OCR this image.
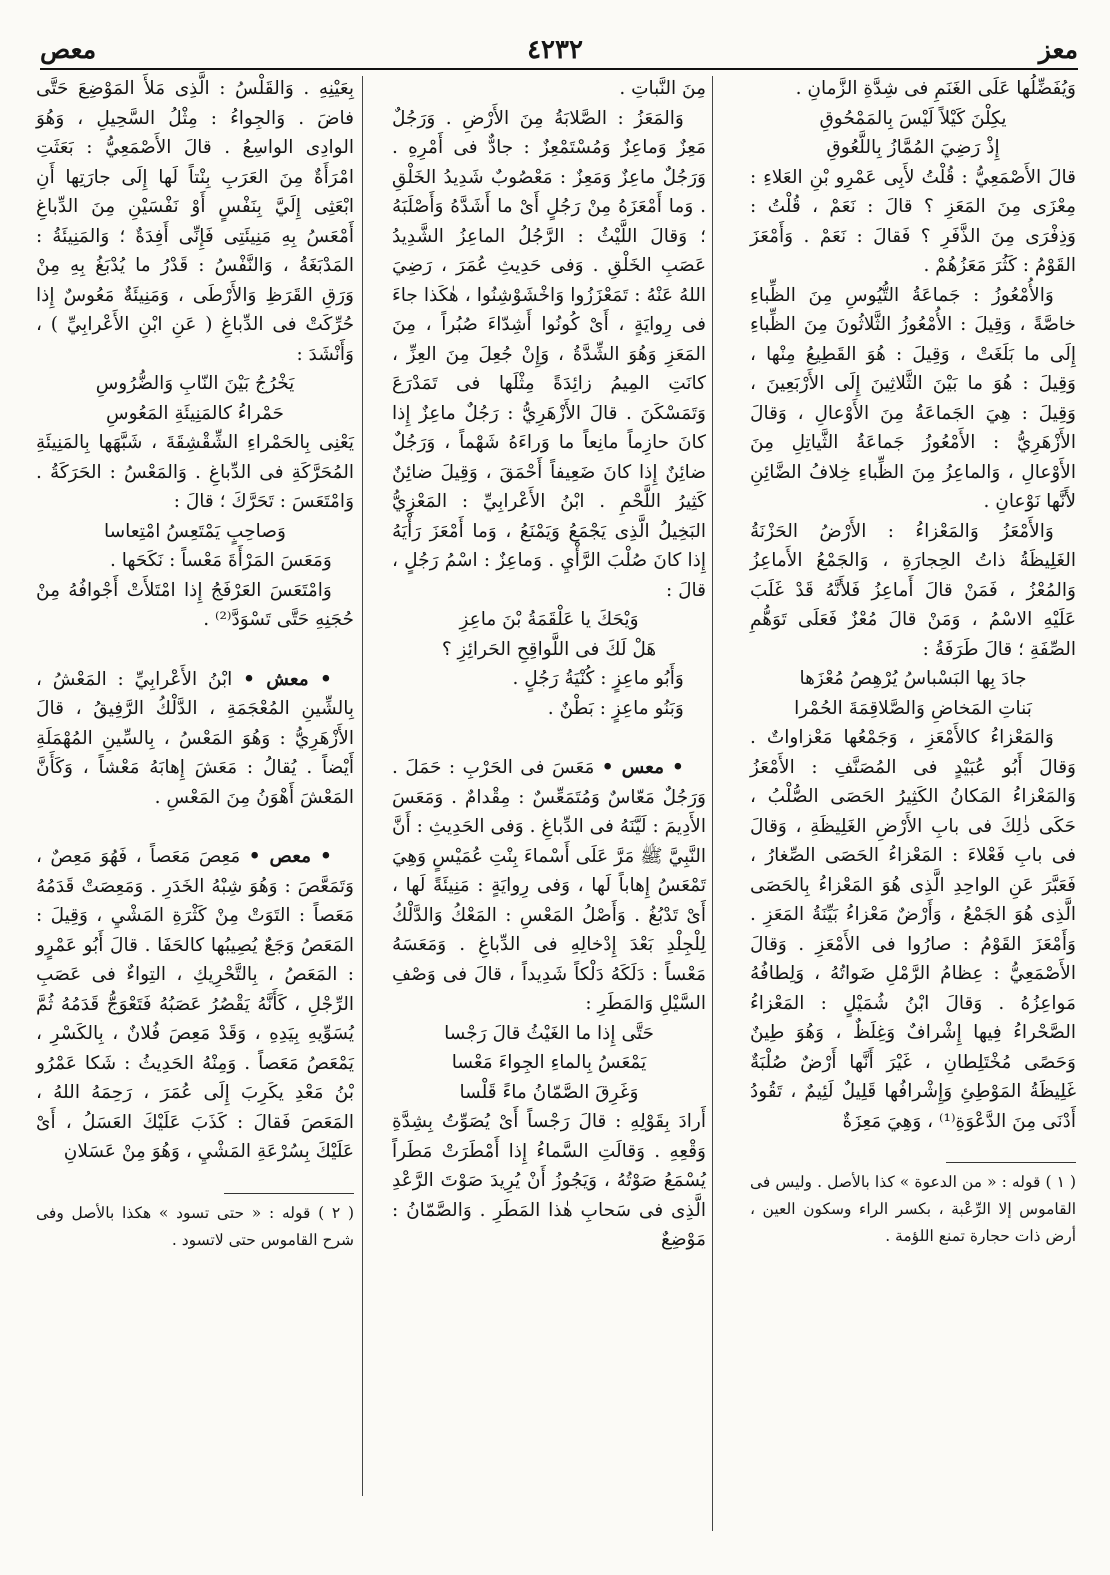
معز
٤٢٣٢
معص

وَيُفَضِّلُها عَلَى الغَنَمِ فى شِدَّةِ الزَّمانِ .

يكِلْنَ كَيْلاً لَيْسَ بِالمَمْحُوقِ

إِذْ رَضِيَ المُمَّازُ بِاللَّعُوقِ

قالَ الأَصْمَعِيُّ : قُلْتُ لأَبِى عَمْرِو بْنِ العَلاءِ : مِعْزَى مِنَ المَعَزِ ؟ قالَ : نَعَمْ ، قُلْتُ : وَذِفْرَى مِنَ الذَّفَرِ ؟ فَقالَ : نَعَمْ . وَأَمْعَزَ القَوْمُ : كَثُرَ مَعَزُهُمْ .

وَالأُمْعُوزُ : جَماعَةُ التُّيُوسِ مِنَ الظِّباءِ خاصَّةً ، وَقِيلَ : الأُمْعُوزُ الثَّلاثُونَ مِنَ الظِّباءِ إِلَى ما بَلَغَتْ ، وَقِيلَ : هُوَ القَطِيعُ مِنْها ، وَقِيلَ : هُوَ ما بَيْنَ الثَّلاثِينَ إِلَى الأَرْبَعِينَ ، وَقِيلَ : هِيَ الجَماعَةُ مِنَ الأَوْعالِ ، وَقالَ الأَزْهَرِيُّ : الأَمْعُوزُ جَماعَةُ الثَّياتِلِ مِنَ الأَوْعالِ ، وَالماعِزُ مِنَ الظِّباءِ خِلافُ الضَّائِنِ لأَنَّها نَوْعانِ .

وَالأَمْعَزُ وَالمَعْزاءُ : الأَرْضُ الحَزْنَةُ الغَلِيظَةُ ذاتُ الحِجارَةِ ، وَالجَمْعُ الأَماعِزُ وَالمُعْزُ ، فَمَنْ قالَ أَماعِزُ فَلأَنَّهُ قَدْ غَلَبَ عَلَيْهِ الاسْمُ ، وَمَنْ قالَ مُعْزٌ فَعَلَى تَوَهُّمِ الصِّفَةِ ؛ قالَ طَرَفَةُ :

جادَ بِها البَسْباسُ يُرْهِصُ مُعْزَها

بَناتِ المَخاضِ وَالصَّلاقِمَةَ الحُمْرا

وَالمَعْزاءُ كالأَمْعَزِ ، وَجَمْعُها مَعْزاواتٌ . وَقالَ أَبُو عُبَيْدٍ فى المُصَنَّفِ : الأَمْعَزُ وَالمَعْزاءُ المَكانُ الكَثِيرُ الحَصَى الصُّلْبُ ، حَكَى ذٰلِكَ فى بابِ الأَرْضِ الغَلِيظَةِ ، وَقالَ فى بابِ فَعْلاءَ : المَعْزاءُ الحَصَى الصِّغارُ ، فَعَبَّرَ عَنِ الواحِدِ الَّذِى هُوَ المَعْزاءُ بِالحَصَى الَّذِى هُوَ الجَمْعُ ، وَأَرْضٌ مَعْزاءُ بَيِّنَةُ المَعَزِ . وَأَمْعَزَ القَوْمُ : صارُوا فى الأَمْعَزِ . وَقالَ الأَصْمَعِيُّ : عِظامُ الرَّمْلِ ضَواتُهُ ، وَلِطافُهُ مَواعِزُهُ . وَقالَ ابْنُ شُمَيْلٍ : المَعْزاءُ الصَّحْراءُ فِيها إِشْرافٌ وَغِلَظٌ ، وَهُوَ طِينٌ وَحَصًى مُخْتَلِطانِ ، غَيْرَ أَنَّها أَرْضٌ صُلْبَةٌ غَلِيظَةُ المَوْطِئِ وَإِشْرافُها قَلِيلٌ لَئِيمٌ ، تَقُودُ أَدْنَى مِنَ الدَّعْوَةِ⁽¹⁾ ، وَهِيَ مَعِزَةٌ

( ١ ) قوله : « من الدعوة » كذا بالأصل . وليس فى القاموس إلا الرِّعْبة ، بكسر الراء وسكون العين ، أرض ذات حجارة تمنع اللؤمة .

مِنَ النَّباتِ .

وَالمَعَزُ : الصَّلابَةُ مِنَ الأَرْضِ . وَرَجُلٌ مَعِزٌ وَماعِزٌ وَمُسْتَمْعِزٌ : جادٌّ فى أَمْرِهِ . وَرَجُلٌ ماعِزٌ وَمَعِزٌ : مَعْصُوبٌ شَدِيدُ الخَلْقِ . وَما أَمْعَزَهُ مِنْ رَجُلٍ أَىْ ما أَشَدَّهُ وَأَصْلَبَهُ ؛ وَقالَ اللَّيْثُ : الرَّجُلُ الماعِزُ الشَّدِيدُ عَصَبِ الخَلْقِ . وَفى حَدِيثِ عُمَرَ ، رَضِيَ اللهُ عَنْهُ : تَمَعْزَزُوا وَاخْشَوْشِنُوا ، هٰكَذا جاءَ فى رِوايَةٍ ، أَىْ كُونُوا أَشِدّاءَ صُبُراً ، مِنَ المَعَزِ وَهُوَ الشِّدَّةُ ، وَإِنْ جُعِلَ مِنَ العِزِّ ، كانَتِ المِيمُ زائِدَةً مِثْلَها فى تَمَدْرَعَ وَتَمَسْكَنَ . قالَ الأَزْهَرِيُّ : رَجُلٌ ماعِزٌ إِذا كانَ حازِماً مانِعاً ما وَراءَهُ شَهْماً ، وَرَجُلٌ ضائِنٌ إِذا كانَ ضَعِيفاً أَحْمَقَ ، وَقِيلَ ضائِنٌ كَثِيرُ اللَّحْمِ . ابْنُ الأَعْرابِيِّ : المَعْزِيُّ البَخِيلُ الَّذِى يَجْمَعُ وَيَمْنَعُ ، وَما أَمْعَزَ رَأْيَهُ إِذا كانَ صُلْبَ الرَّأْيِ . وَماعِزٌ : اسْمُ رَجُلٍ ، قالَ :

وَيْحَكَ يا عَلْقَمَةُ بْنَ ماعِزِ

هَلْ لَكَ فى اللَّواقِحِ الحَرائِزِ ؟

وَأَبُو ماعِزٍ : كُنْيَةُ رَجُلٍ .

وَبَنُو ماعِزٍ : بَطْنٌ .

• معس • مَعَسَ فى الحَرْبِ : حَمَلَ . وَرَجُلٌ مَعّاسٌ وَمُتَمَعِّسٌ : مِقْدامٌ . وَمَعَسَ الأَدِيمَ : لَيَّنَهُ فى الدِّباغِ . وَفى الحَدِيثِ : أَنَّ النَّبِيَّ ﷺ مَرَّ عَلَى أَسْماءَ بِنْتِ عُمَيْسٍ وَهِيَ تَمْعَسُ إِهاباً لَها ، وَفى رِوايَةٍ : مَنِيئَةً لَها ، أَىْ تَدْبُغُ . وَأَصْلُ المَعْسِ : المَعْكُ وَالدَّلْكُ لِلْجِلْدِ بَعْدَ إِدْخالِهِ فى الدِّباغِ . وَمَعَسَهُ مَعْساً : دَلَكَهُ دَلْكاً شَدِيداً ، قالَ فى وَصْفِ السَّيْلِ وَالمَطَرِ :

حَتَّى إِذا ما الغَيْثُ قالَ رَجْسا

يَمْعَسُ بِالماءِ الجِواءَ مَعْسا

وَغَرِقَ الصَّمّانُ ماءً قَلْسا

أَرادَ بِقَوْلِهِ : قالَ رَجْساً أَىْ يُصَوِّتُ بِشِدَّةِ وَقْعِهِ . وَقالَتِ السَّماءُ إِذا أَمْطَرَتْ مَطَراً يُسْمَعُ صَوْتُهُ ، وَيَجُوزُ أَنْ يُرِيدَ صَوْتَ الرَّعْدِ الَّذِى فى سَحابِ هٰذا المَطَرِ . وَالصَّمّانُ : مَوْضِعٌ

بِعَيْنِهِ . وَالقَلْسُ : الَّذِى مَلأَ المَوْضِعَ حَتَّى فاضَ . وَالجِواءُ : مِثْلُ السَّحِيلِ ، وَهُوَ الوادِى الواسِعُ . قالَ الأَصْمَعِيُّ : بَعَثَتِ امْرَأَةٌ مِنَ العَرَبِ بِنْتاً لَها إِلَى جارَتِها أَنِ ابْعَثِى إِلَيَّ بِنَفْسٍ أَوْ نَفْسَيْنِ مِنَ الدِّباغِ أَمْعَسُ بِهِ مَنِيئَتِى فَإِنِّى أَفِدَةٌ ؛ وَالمَنِيئَةُ : المَدْبَغَةُ ، وَالنَّفْسُ : قَدْرُ ما يُدْبَغُ بِهِ مِنْ وَرَقِ القَرَظِ وَالأَرْطَى ، وَمَنِيئَةٌ مَعُوسٌ إِذا حُرِّكَتْ فى الدِّباغِ ( عَنِ ابْنِ الأَعْرابِيِّ ) ، وَأَنْشَدَ :

يَخْرُجُ بَيْنَ النّابِ وَالضُّرُوسِ

حَمْراءُ كالمَنِيئَةِ المَعُوسِ

يَعْنِى بِالحَمْراءِ الشِّقْشِقَةَ ، شَبَّهَها بِالمَنِيئَةِ المُحَرَّكَةِ فى الدِّباغِ . وَالمَعْسُ : الحَرَكَةُ . وَامْتَعَسَ : تَحَرَّكَ ؛ قالَ :

وَصاحِبٍ يَمْتَعِسُ امْتِعاسا

وَمَعَسَ المَرْأَةَ مَعْساً : نَكَحَها .

وَامْتَعَسَ العَرْفَجُ إِذا امْتَلأَتْ أَجْوافُهُ مِنْ حُجَنِهِ حَتَّى تَسْوَدَّ⁽²⁾ .

• معش • ابْنُ الأَعْرابِيِّ : المَعْشُ ، بِالشِّينِ المُعْجَمَةِ ، الدَّلْكُ الرَّفِيقُ ، قالَ الأَزْهَرِيُّ : وَهُوَ المَعْسُ ، بِالسِّينِ المُهْمَلَةِ أَيْضاً . يُقالُ : مَعَشَ إِهابَهُ مَعْشاً ، وَكَأَنَّ المَعْشَ أَهْوَنُ مِنَ المَعْسِ .

• معص • مَعِصَ مَعَصاً ، فَهُوَ مَعِصٌ ، وَتَمَعَّصَ : وَهُوَ شِبْهُ الخَدَرِ . وَمَعِصَتْ قَدَمُهُ مَعَصاً : التَوَتْ مِنْ كَثْرَةِ المَشْيِ ، وَقِيلَ : المَعَصُ وَجَعٌ يُصِيبُها كالحَفَا . قالَ أَبُو عَمْرٍو : المَعَصُ ، بِالتَّحْرِيكِ ، التِواءٌ فى عَصَبِ الرِّجْلِ ، كَأَنَّهُ يَقْصُرُ عَصَبُهُ فَتَعْوَجُّ قَدَمُهُ ثُمَّ يُسَوِّيهِ بِيَدِهِ ، وَقَدْ مَعِصَ فُلانٌ ، بِالكَسْرِ ، يَمْعَصُ مَعَصاً . وَمِنْهُ الحَدِيثُ : شَكا عَمْرُو بْنُ مَعْدِ يكَرِبَ إِلَى عُمَرَ ، رَحِمَهُ اللهُ ، المَعَصَ فَقالَ : كَذَبَ عَلَيْكَ العَسَلُ ، أَىْ عَلَيْكَ بِسُرْعَةِ المَشْيِ ، وَهُوَ مِنْ عَسَلانِ

( ٢ ) قوله : « حتى تسود » هكذا بالأصل وفى شرح القاموس حتى لاتسود .
